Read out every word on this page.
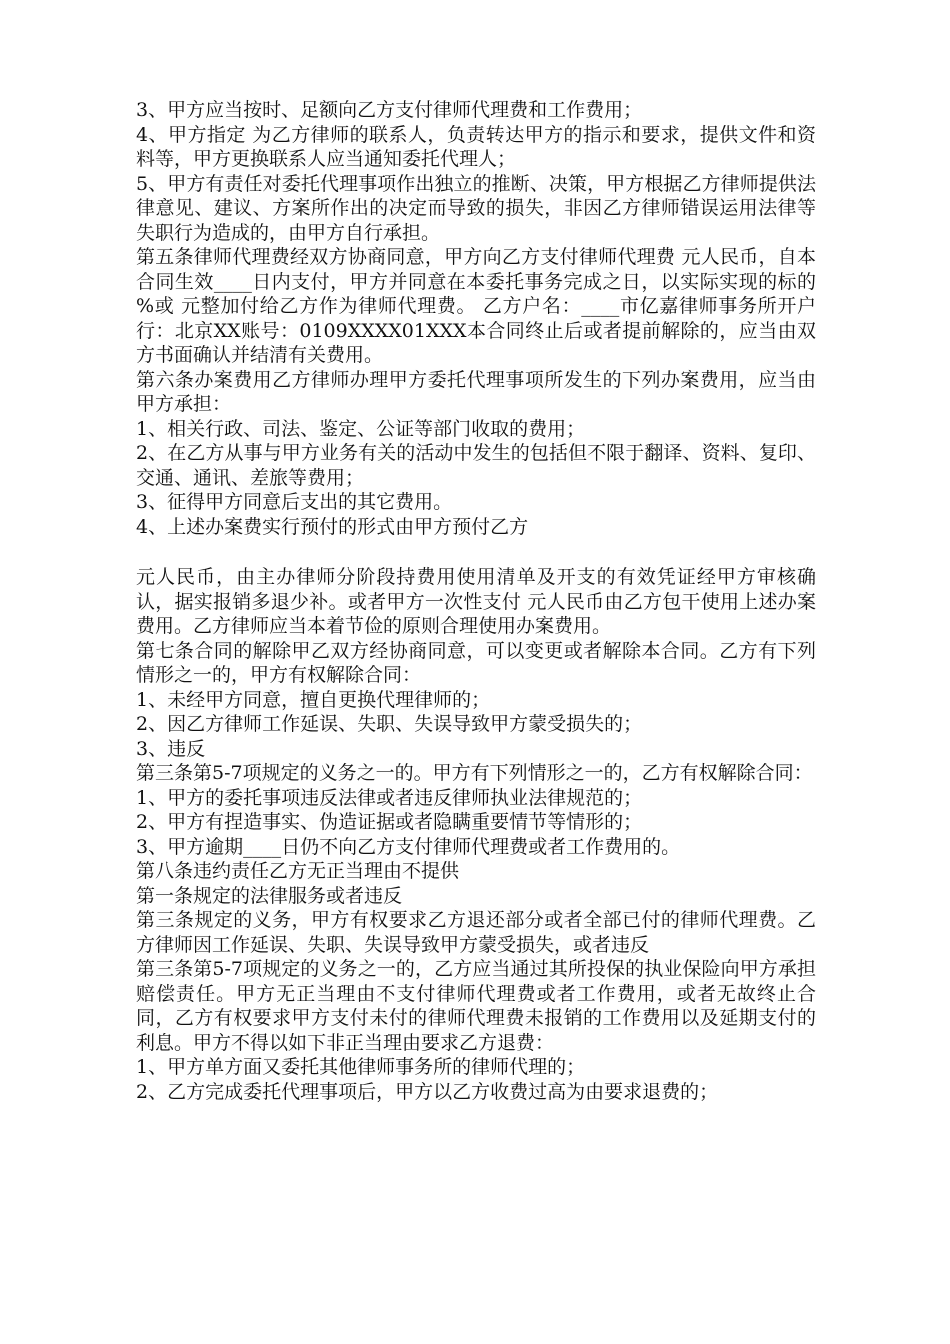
3、甲方应当按时、足额向乙方支付律师代理费和工作费用；

4、甲方指定 为乙方律师的联系人，负责转达甲方的指示和要求，提供文件和资料等，甲方更换联系人应当通知委托代理人；

5、甲方有责任对委托代理事项作出独立的推断、决策，甲方根据乙方律师提供法律意见、建议、方案所作出的决定而导致的损失，非因乙方律师错误运用法律等失职行为造成的，由甲方自行承担。

第五条律师代理费经双方协商同意，甲方向乙方支付律师代理费 元人民币，自本合同生效____日内支付，甲方并同意在本委托事务完成之日，以实际实现的标的 %或 元整加付给乙方作为律师代理费。 乙方户名：____市亿嘉律师事务所开户行：北京XX账号：0109XXXX01XXX本合同终止后或者提前解除的，应当由双方书面确认并结清有关费用。

第六条办案费用乙方律师办理甲方委托代理事项所发生的下列办案费用，应当由甲方承担：

1、相关行政、司法、鉴定、公证等部门收取的费用；

2、在乙方从事与甲方业务有关的活动中发生的包括但不限于翻译、资料、复印、交通、通讯、差旅等费用；

3、征得甲方同意后支出的其它费用。

4、上述办案费实行预付的形式由甲方预付乙方

元人民币，由主办律师分阶段持费用使用清单及开支的有效凭证经甲方审核确认，据实报销多退少补。或者甲方一次性支付 元人民币由乙方包干使用上述办案费用。乙方律师应当本着节俭的原则合理使用办案费用。

第七条合同的解除甲乙双方经协商同意，可以变更或者解除本合同。乙方有下列情形之一的，甲方有权解除合同：

1、未经甲方同意，擅自更换代理律师的；

2、因乙方律师工作延误、失职、失误导致甲方蒙受损失的；

3、违反

第三条第5-7项规定的义务之一的。甲方有下列情形之一的，乙方有权解除合同：

1、甲方的委托事项违反法律或者违反律师执业法律规范的；

2、甲方有捏造事实、伪造证据或者隐瞒重要情节等情形的；

3、甲方逾期____日仍不向乙方支付律师代理费或者工作费用的。

第八条违约责任乙方无正当理由不提供

第一条规定的法律服务或者违反

第三条规定的义务，甲方有权要求乙方退还部分或者全部已付的律师代理费。乙方律师因工作延误、失职、失误导致甲方蒙受损失，或者违反

第三条第5-7项规定的义务之一的，乙方应当通过其所投保的执业保险向甲方承担赔偿责任。甲方无正当理由不支付律师代理费或者工作费用，或者无故终止合同，乙方有权要求甲方支付未付的律师代理费未报销的工作费用以及延期支付的利息。甲方不得以如下非正当理由要求乙方退费：

1、甲方单方面又委托其他律师事务所的律师代理的；

2、乙方完成委托代理事项后，甲方以乙方收费过高为由要求退费的；
